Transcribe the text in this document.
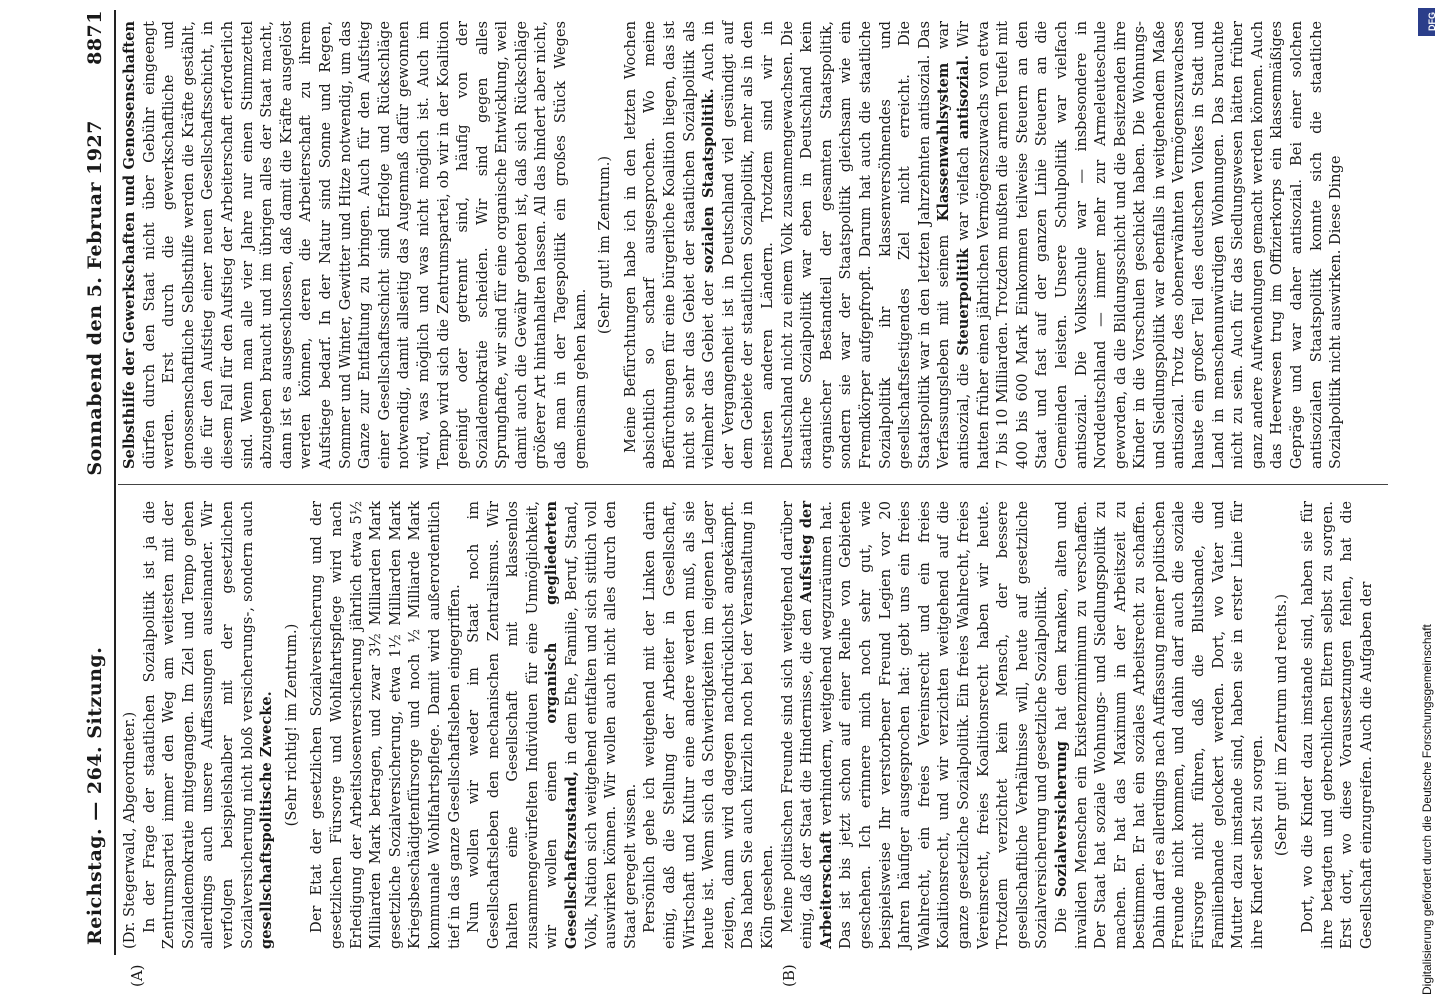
Reichstag. — 264. Sitzung.
Sonnabend den 5. Februar 1927
8871
(A)	(B)

(Dr. Stegerwald, Abgeordneter.) In der Frage der staatlichen Sozialpolitik ist ja die Zentrumspartei immer den Weg am weitesten mit der Sozialdemokratie mitgegangen. Im Ziel und Tempo gehen allerdings auch unsere Auffassungen auseinander. Wir verfolgen beispielshalber mit der gesetzlichen Sozialversicherung nicht bloß versicherungs-, sondern auch gesellschaftspolitische Zwecke. (Sehr richtig! im Zentrum.) Der Etat der gesetzlichen Sozialversicherung und der gesetzlichen Fürsorge und Wohlfahrtspflege wird nach Erledigung der Arbeitslosenversicherung jährlich etwa 5½ Milliarden Mark betragen, und zwar 3½ Milliarden Mark gesetzliche Sozialversicherung, etwa 1½ Milliarden Mark Kriegsbeschädigtenfürsorge und noch ½ Milliarde Mark kommunale Wohlfahrtspflege. Damit wird außerordentlich tief in das ganze Gesellschaftsleben eingegriffen. Nun wollen wir weder im Staat noch im Gesellschaftsleben den mechanischen Zentralismus. Wir halten eine Gesellschaft mit klassenlos zusammengewürfelten Individuen für eine Unmöglichkeit, wir wollen einen organisch gegliederten Gesellschaftszustand, in dem Ehe, Familie, Beruf, Stand, Volk, Nation sich weitgehend entfalten und sich sittlich voll auswirken können. Wir wollen auch nicht alles durch den Staat geregelt wissen. Persönlich gehe ich weitgehend mit der Linken darin einig, daß die Stellung der Arbeiter in Gesellschaft, Wirtschaft und Kultur eine andere werden muß, als sie heute ist. Wenn sich da Schwierigkeiten im eigenen Lager zeigen, dann wird dagegen nachdrücklichst angekämpft. Das haben Sie auch kürzlich noch bei der Veranstaltung in Köln gesehen. Meine politischen Freunde sind sich weitgehend darüber einig, daß der Staat die Hindernisse, die den Aufstieg der Arbeiterschaft verhindern, weitgehend wegzuräumen hat. Das ist bis jetzt schon auf einer Reihe von Gebieten geschehen. Ich erinnere mich noch sehr gut, wie beispielsweise Ihr verstorbener Freund Legien vor 20 Jahren häufiger ausgesprochen hat: gebt uns ein freies Wahlrecht, ein freies Vereinsrecht und ein freies Koalitionsrecht, und wir verzichten weitgehend auf die ganze gesetzliche Sozialpolitik. Ein freies Wahlrecht, freies Vereinsrecht, freies Koalitionsrecht haben wir heute. Trotzdem verzichtet kein Mensch, der bessere gesellschaftliche Verhältnisse will, heute auf gesetzliche Sozialversicherung und gesetzliche Sozialpolitik. Die Sozialversicherung hat dem kranken, alten und invaliden Menschen ein Existenzminimum zu verschaffen. Der Staat hat soziale Wohnungs- und Siedlungspolitik zu machen. Er hat das Maximum in der Arbeitszeit zu bestimmen. Er hat ein soziales Arbeitsrecht zu schaffen. Dahin darf es allerdings nach Auffassung meiner politischen Freunde nicht kommen, und dahin darf auch die soziale Fürsorge nicht führen, daß die Blutsbande, die Familienbande gelockert werden. Dort, wo Vater und Mutter dazu imstande sind, haben sie in erster Linie für ihre Kinder selbst zu sorgen. (Sehr gut! im Zentrum und rechts.) Dort, wo die Kinder dazu imstande sind, haben sie für ihre betagten und gebrechlichen Eltern selbst zu sorgen. Erst dort, wo diese Voraussetzungen fehlen, hat die Gesellschaft einzugreifen. Auch die Aufgaben der

Selbsthilfe der Gewerkschaften und Genossenschaften dürfen durch den Staat nicht über Gebühr eingeengt werden. Erst durch die gewerkschaftliche und genossenschaftliche Selbsthilfe werden die Kräfte gestählt, die für den Aufstieg einer neuen Gesellschaftsschicht, in diesem Fall für den Aufstieg der Arbeiterschaft erforderlich sind. Wenn man alle vier Jahre nur einen Stimmzettel abzugeben braucht und im übrigen alles der Staat macht, dann ist es ausgeschlossen, daß damit die Kräfte ausgelöst werden können, deren die Arbeiterschaft zu ihrem Aufstiege bedarf. In der Natur sind Sonne und Regen, Sommer und Winter, Gewitter und Hitze notwendig, um das Ganze zur Entfaltung zu bringen. Auch für den Aufstieg einer Gesellschaftsschicht sind Erfolge und Rückschläge notwendig, damit allseitig das Augenmaß dafür gewonnen wird, was möglich und was nicht möglich ist. Auch im Tempo wird sich die Zentrumspartei, ob wir in der Koalition geeinigt oder getrennt sind, häufig von der Sozialdemokratie scheiden. Wir sind gegen alles Sprunghafte, wir sind für eine organische Entwicklung, weil damit auch die Gewähr geboten ist, daß sich Rückschläge größerer Art hintanhalten lassen. All das hindert aber nicht, daß man in der Tagespolitik ein großes Stück Weges gemeinsam gehen kann.

(Sehr gut! im Zentrum.) Meine Befürchtungen habe ich in den letzten Wochen absichtlich so scharf ausgesprochen. Wo meine Befürchtungen für eine bürgerliche Koalition liegen, das ist nicht so sehr das Gebiet der staatlichen Sozialpolitik als vielmehr das Gebiet der sozialen Staatspolitik. Auch in der Vergangenheit ist in Deutschland viel gesündigt auf dem Gebiete der staatlichen Sozialpolitik, mehr als in den meisten anderen Ländern. Trotzdem sind wir in Deutschland nicht zu einem Volk zusammengewachsen. Die staatliche Sozialpolitik war eben in Deutschland kein organischer Bestandteil der gesamten Staatspolitik, sondern sie war der Staatspolitik gleichsam wie ein Fremdkörper aufgepfropft. Darum hat auch die staatliche Sozialpolitik ihr klassenversöhnendes und gesellschaftsfestigendes Ziel nicht erreicht. Die Staatspolitik war in den letzten Jahrzehnten antisozial. Das Verfassungsleben mit seinem Klassenwahlsystem war antisozial, die Steuerpolitik war vielfach antisozial. Wir hatten früher einen jährlichen Vermögenszuwachs von etwa 7 bis 10 Milliarden. Trotzdem mußten die armen Teufel mit 400 bis 600 Mark Einkommen teilweise Steuern an den Staat und fast auf der ganzen Linie Steuern an die Gemeinden leisten. Unsere Schulpolitik war vielfach antisozial. Die Volksschule war — insbesondere in Norddeutschland — immer mehr zur Armeleuteschule geworden, da die Bildungsschicht und die Besitzenden ihre Kinder in die Vorschulen geschickt haben. Die Wohnungs- und Siedlungspolitik war ebenfalls in weitgehendem Maße antisozial. Trotz des obenerwähnten Vermögenszuwachses hauste ein großer Teil des deutschen Volkes in Stadt und Land in menschenunwürdigen Wohnungen. Das brauchte nicht zu sein. Auch für das Siedlungswesen hätten früher ganz andere Aufwendungen gemacht werden können. Auch das Heerwesen trug im Offizierkorps ein klassenmäßiges Gepräge und war daher antisozial. Bei einer solchen antisozialen Staatspolitik konnte sich die staatliche Sozialpolitik nicht auswirken. Diese Dinge

Digitalisierung gefördert durch die Deutsche Forschungsgemeinschaft
DFG
